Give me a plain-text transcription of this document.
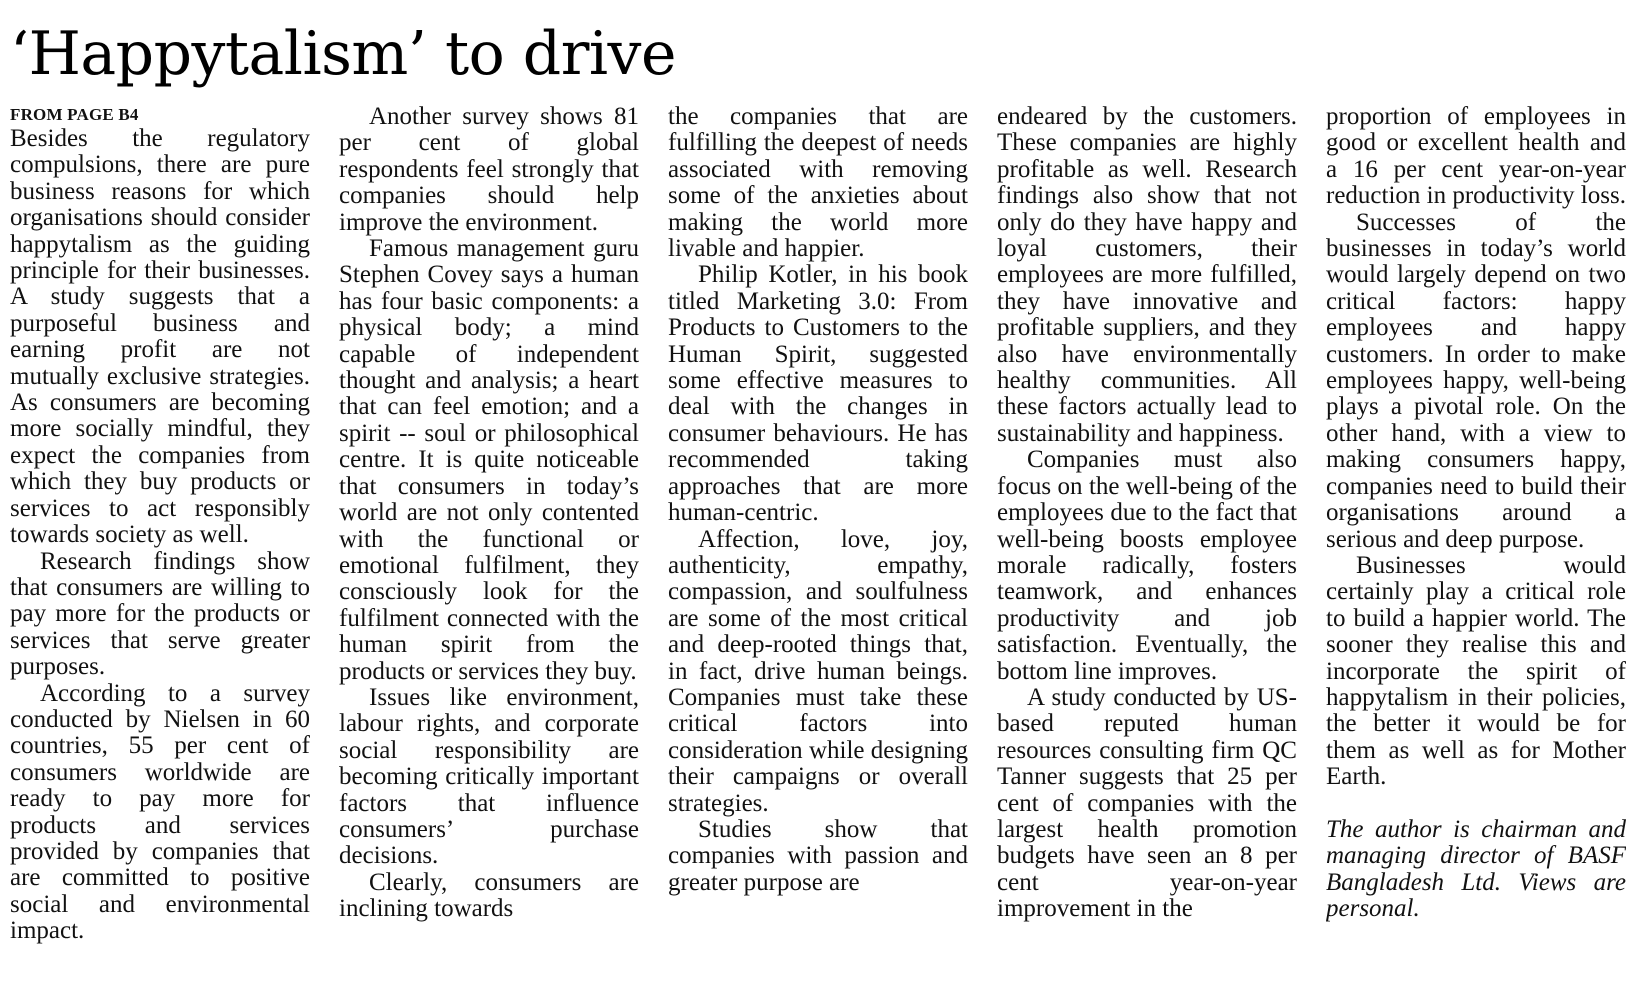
‘Happytalism’ to drive
FROM PAGE B4

Besides the regulatory compulsions, there are pure business reasons for which organisations should consider happytalism as the guiding principle for their businesses. A study suggests that a purposeful business and earning profit are not mutually exclusive strategies. As consumers are becoming more socially mindful, they expect the companies from which they buy products or services to act responsibly towards society as well.

Research findings show that consumers are willing to pay more for the products or services that serve greater purposes.

According to a survey conducted by Nielsen in 60 countries, 55 per cent of consumers worldwide are ready to pay more for products and services provided by companies that are committed to positive social and environmental impact.

Another survey shows 81 per cent of global respondents feel strongly that companies should help improve the environment.

Famous management guru Stephen Covey says a human has four basic components: a physical body; a mind capable of independent thought and analysis; a heart that can feel emotion; and a spirit -- soul or philosophical centre. It is quite noticeable that consumers in today’s world are not only contented with the functional or emotional fulfilment, they consciously look for the fulfilment connected with the human spirit from the products or services they buy.

Issues like environment, labour rights, and corporate social responsibility are becoming critically important factors that influence consumers’ purchase decisions.

Clearly, consumers are inclining towards

the companies that are fulfilling the deepest of needs associated with removing some of the anxieties about making the world more livable and happier.

Philip Kotler, in his book titled Marketing 3.0: From Products to Customers to the Human Spirit, suggested some effective measures to deal with the changes in consumer behaviours. He has recommended taking approaches that are more human-centric.

Affection, love, joy, authenticity, empathy, compassion, and soulfulness are some of the most critical and deep-rooted things that, in fact, drive human beings. Companies must take these critical factors into consideration while designing their campaigns or overall strategies.

Studies show that companies with passion and greater purpose are

endeared by the customers. These companies are highly profitable as well. Research findings also show that not only do they have happy and loyal customers, their employees are more fulfilled, they have innovative and profitable suppliers, and they also have environmentally healthy communities. All these factors actually lead to sustainability and happiness.

Companies must also focus on the well-being of the employees due to the fact that well-being boosts employee morale radically, fosters teamwork, and enhances productivity and job satisfaction. Eventually, the bottom line improves.

A study conducted by US-based reputed human resources consulting firm QC Tanner suggests that 25 per cent of companies with the largest health promotion budgets have seen an 8 per cent year-on-year improvement in the

proportion of employees in good or excellent health and a 16 per cent year-on-year reduction in productivity loss.

Successes of the businesses in today’s world would largely depend on two critical factors: happy employees and happy customers. In order to make employees happy, well-being plays a pivotal role. On the other hand, with a view to making consumers happy, companies need to build their organisations around a serious and deep purpose.

Businesses would certainly play a critical role to build a happier world. The sooner they realise this and incorporate the spirit of happytalism in their policies, the better it would be for them as well as for Mother Earth.

The author is chairman and managing director of BASF Bangladesh Ltd. Views are personal.
